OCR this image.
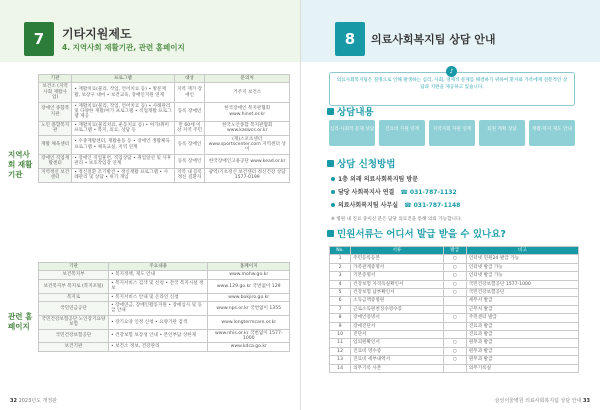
7	기타지원제도
4. 지역사회 재활기관, 관련 홈페이지
지역사회 재활 기관
기관	프로그램	대상	문의처
보건소 (지역사회 재활사업)	• 재활치료(물리, 작업, 언어치료 등) • 방문재활, 보장구 대여 • 보건교육, 장애인지원 연계	지역 재가 장애인	거주지 보건소
장애인 종합복지관	• 재활치료(물리, 작업, 언어치료 등) • 사례관리 및 다양한 재활/여가 프로그램 • 직업재활 프로그램 제공	등록 장애인	한국장애인 복지관협회 www.hinet.or.kr
노인 종합복지관	• 재활치료(물리치료, 운동치료 등) • 여가/취미 프로그램 • 복지, 의료, 상담 등	만 60세 이상 지역 주민	한국노인종합 복지관협회 www.kaswcs.or.kr
재활 체육센터	• 수중재활센터, 재활운동 등 • 장애인 생활체육 프로그램 • 체육교실, 지역 연계	등록 장애인	(재)스포츠센터 www.sportscenter.com 지역센터 상이
장애인 직업재활센터	• 장애인 직업훈련, 직업상담 • 취업알선 및 사후관리 • 보호작업장 연계	등록 장애인	한국장애인고용공단 www.kead.or.kr
지역정신 보건센터	• 정신질환 조기발견 • 정신재활 프로그램 • 사례관리 및 상담 • 위기 개입	지역 내 등록 정신 질환자	광역/기초정신 보건센터 정신건강 상담 1577-0199
관련 홈페이지
기관	주요내용	홈페이지
보건복지부	• 복지정책, 제도 안내	www.mohw.go.kr
보건복지부 복지로 (복지포털)	• 복지서비스 검색 및 신청 • 전국 복지시설 정보	www.129.go.kr 국번없이 129
복지로	• 복지서비스 안내 및 온라인 신청	www.bokjiro.go.kr
국민연금공단	• 장애연금, 장애인활동지원 • 장애심사 및 등급 안내	www.nps.or.kr 국번없이 1355
국민건강보험공단 노인장기요양보험	• 장기요양 인정 신청 • 요양기관 검색	www.longtermcare.or.kr
국민건강보험공단	• 건강보험 보장성 안내 • 본인부담 상한제	www.nhis.or.kr 국번없이 1577-1000
보건기관	• 보건소 정보, 건강관리	www.kdca.go.kr
32 2023년도 개정판
8	의료사회복지팀 상담 안내
의료사회복지팀은 질병으로 인해 발생하는 심리, 사회, 경제적 문제를 해결하기 위하여 환자와 가족에게 전문적인 상담과 지원을 제공하고 있습니다.
♪
상담내용
심리·사회적 문제 상담	진료비 지원 연계	지역사회 자원 연계	퇴원 계획 상담	재활·복지 제도 안내
상담 신청방법
1층 외래 의료사회복지팀 방문
담당 사회복지사 연결 ☎ 031-787-1132
의료사회복지팀 사무실 ☎ 031-787-1148
※ 병원 내 진료 중이신 분은 담당 의료진을 통해 의뢰 가능합니다.
민원서류는 어디서 발급 받을 수 있나요?
No.	서류	발급	비고
1	주민등록등본	○	인터넷 민원24 발급 가능
2	가족관계증명서	○	인터넷 발급 가능
3	기본증명서	○	인터넷 발급 가능
4	건강보험 자격득실확인서	○	국민건강보험공단 1577-1000
5	건강보험 납부확인서	○	국민건강보험공단
6	소득금액증명원		세무서 발급
7	근로소득원천징수영수증		근무처 발급
8	장애인증명서	○	주민센터 발급
9	장애진단서		진료과 발급
10	진단서		진료과 발급
11	입퇴원확인서	○	원무과 발급
12	진료비 영수증	○	원무과 발급
13	진료비 세부내역서	○	원무과 발급
14	의무기록 사본		의무기록실
삼성서울병원 의료사회복지팀 상담 안내 33
